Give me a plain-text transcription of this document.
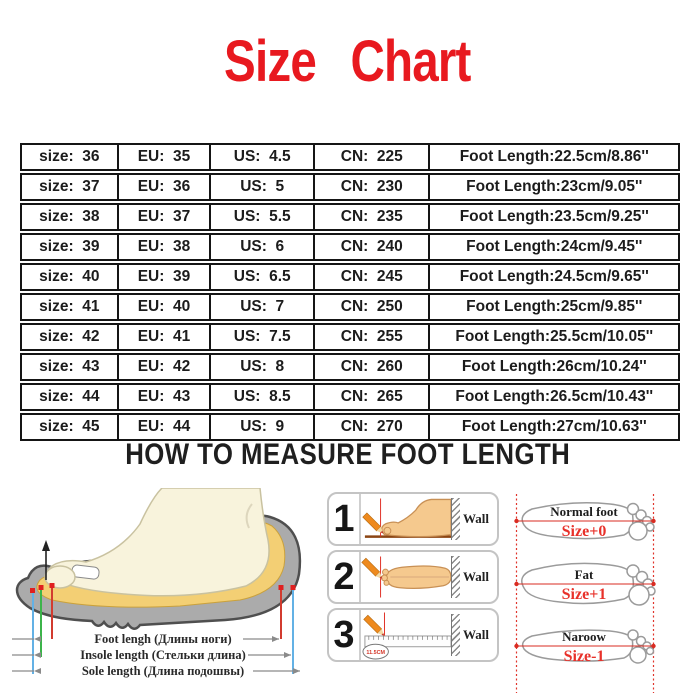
Size Chart
size:  36	EU:  35	US:  4.5	CN:  225	Foot Length:22.5cm/8.86''
size:  37	EU:  36	US:  5	CN:  230	Foot Length:23cm/9.05''
size:  38	EU:  37	US:  5.5	CN:  235	Foot Length:23.5cm/9.25''
size:  39	EU:  38	US:  6	CN:  240	Foot Length:24cm/9.45''
size:  40	EU:  39	US:  6.5	CN:  245	Foot Length:24.5cm/9.65''
size:  41	EU:  40	US:  7	CN:  250	Foot Length:25cm/9.85''
size:  42	EU:  41	US:  7.5	CN:  255	Foot Length:25.5cm/10.05''
size:  43	EU:  42	US:  8	CN:  260	Foot Length:26cm/10.24''
size:  44	EU:  43	US:  8.5	CN:  265	Foot Length:26.5cm/10.43''
size:  45	EU:  44	US:  9	CN:  270	Foot Length:27cm/10.63''
HOW TO MEASURE FOOT LENGTH
Foot lengh (Длины ноги)
Insole length (Стельки длина)
Sole length (Длина подошвы)
1	Wall
2	Wall
3	11.5CM
Wall
Normal foot
Size+0
Fat
Size+1
Naroow
Size-1
